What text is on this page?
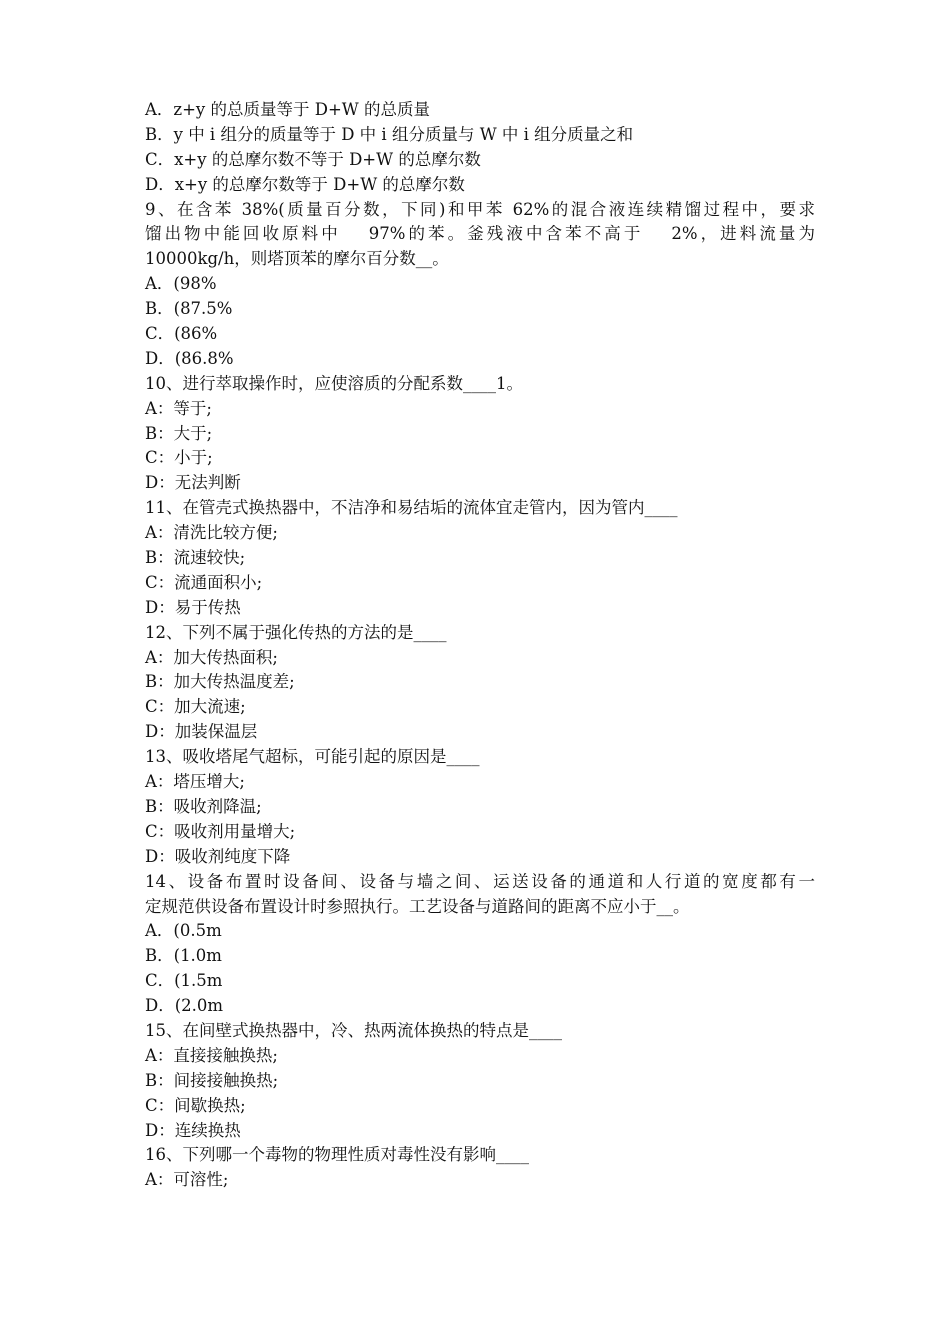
A．z+y 的总质量等于 D+W 的总质量
B．y 中 i 组分的质量等于 D 中 i 组分质量与 W 中 i 组分质量之和
C．x+y 的总摩尔数不等于 D+W 的总摩尔数
D．x+y 的总摩尔数等于 D+W 的总摩尔数
9、在含苯 38%(质量百分数，下同)和甲苯 62%的混合液连续精馏过程中，要求
馏出物中能回收原料中　 97%的苯。釜残液中含苯不高于　 2%，进料流量为
10000kg/h，则塔顶苯的摩尔百分数__。
A．(98%
B．(87.5%
C．(86%
D．(86.8%
10、进行萃取操作时，应使溶质的分配系数____1。
A：等于;
B：大于;
C：小于;
D：无法判断
11、在管壳式换热器中，不洁净和易结垢的流体宜走管内，因为管内____
A：清洗比较方便;
B：流速较快;
C：流通面积小;
D：易于传热
12、下列不属于强化传热的方法的是____
A：加大传热面积;
B：加大传热温度差;
C：加大流速;
D：加装保温层
13、吸收塔尾气超标，可能引起的原因是____
A：塔压增大;
B：吸收剂降温;
C：吸收剂用量增大;
D：吸收剂纯度下降
14、设备布置时设备间、设备与墙之间、运送设备的通道和人行道的宽度都有一
定规范供设备布置设计时参照执行。工艺设备与道路间的距离不应小于__。
A．(0.5m
B．(1.0m
C．(1.5m
D．(2.0m
15、在间壁式换热器中，冷、热两流体换热的特点是____
A：直接接触换热;
B：间接接触换热;
C：间歇换热;
D：连续换热
16、下列哪一个毒物的物理性质对毒性没有影响____
A：可溶性;
